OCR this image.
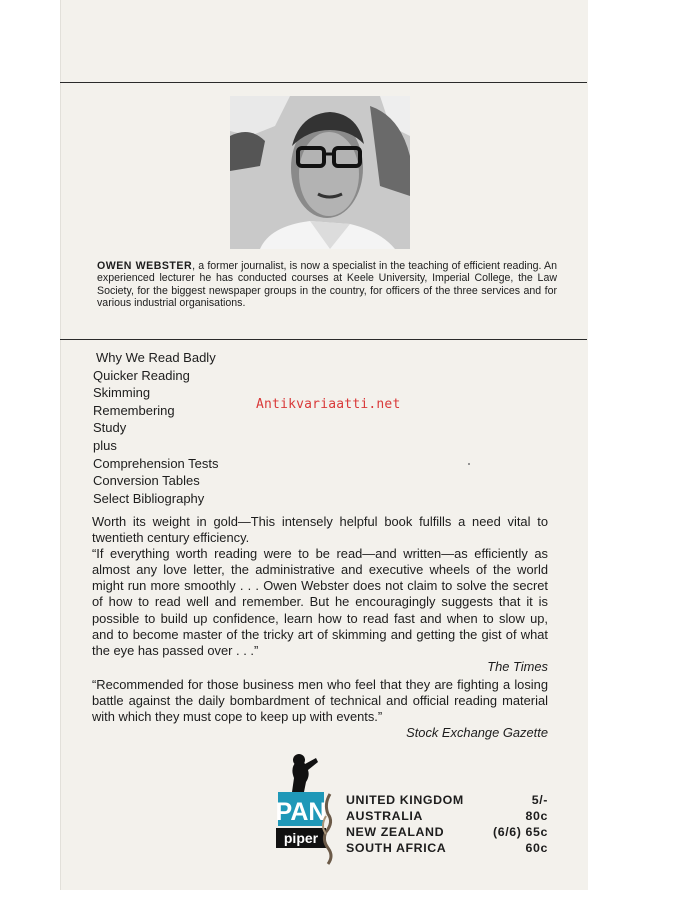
OWEN WEBSTER, a former journalist, is now a specialist in the teaching of efficient reading. An experienced lecturer he has conducted courses at Keele University, Imperial College, the Law Society, for the biggest newspaper groups in the country, for officers of the three services and for various industrial organisations.
Why We Read Badly
Quicker Reading
Skimming
Remembering
Study
plus
Comprehension Tests
Conversion Tables
Select Bibliography
Antikvariaatti.net

Worth its weight in gold—This intensely helpful book fulfills a need vital to twentieth century efficiency.

“If everything worth reading were to be read—and written—as efficiently as almost any love letter, the administrative and executive wheels of the world might run more smoothly . . . Owen Webster does not claim to solve the secret of how to read well and remember. But he encouragingly suggests that it is possible to build up confidence, learn how to read fast and when to slow up, and to become master of the tricky art of skimming and getting the gist of what the eye has passed over . . .”

The Times

“Recommended for those business men who feel that they are fighting a losing battle against the daily bombardment of technical and official reading material with which they must cope to keep up with events.”

Stock Exchange Gazette

PAN
piper
UNITED KINGDOM	5/-
AUSTRALIA	80c
NEW ZEALAND	(6/6) 65c
SOUTH AFRICA	60c
